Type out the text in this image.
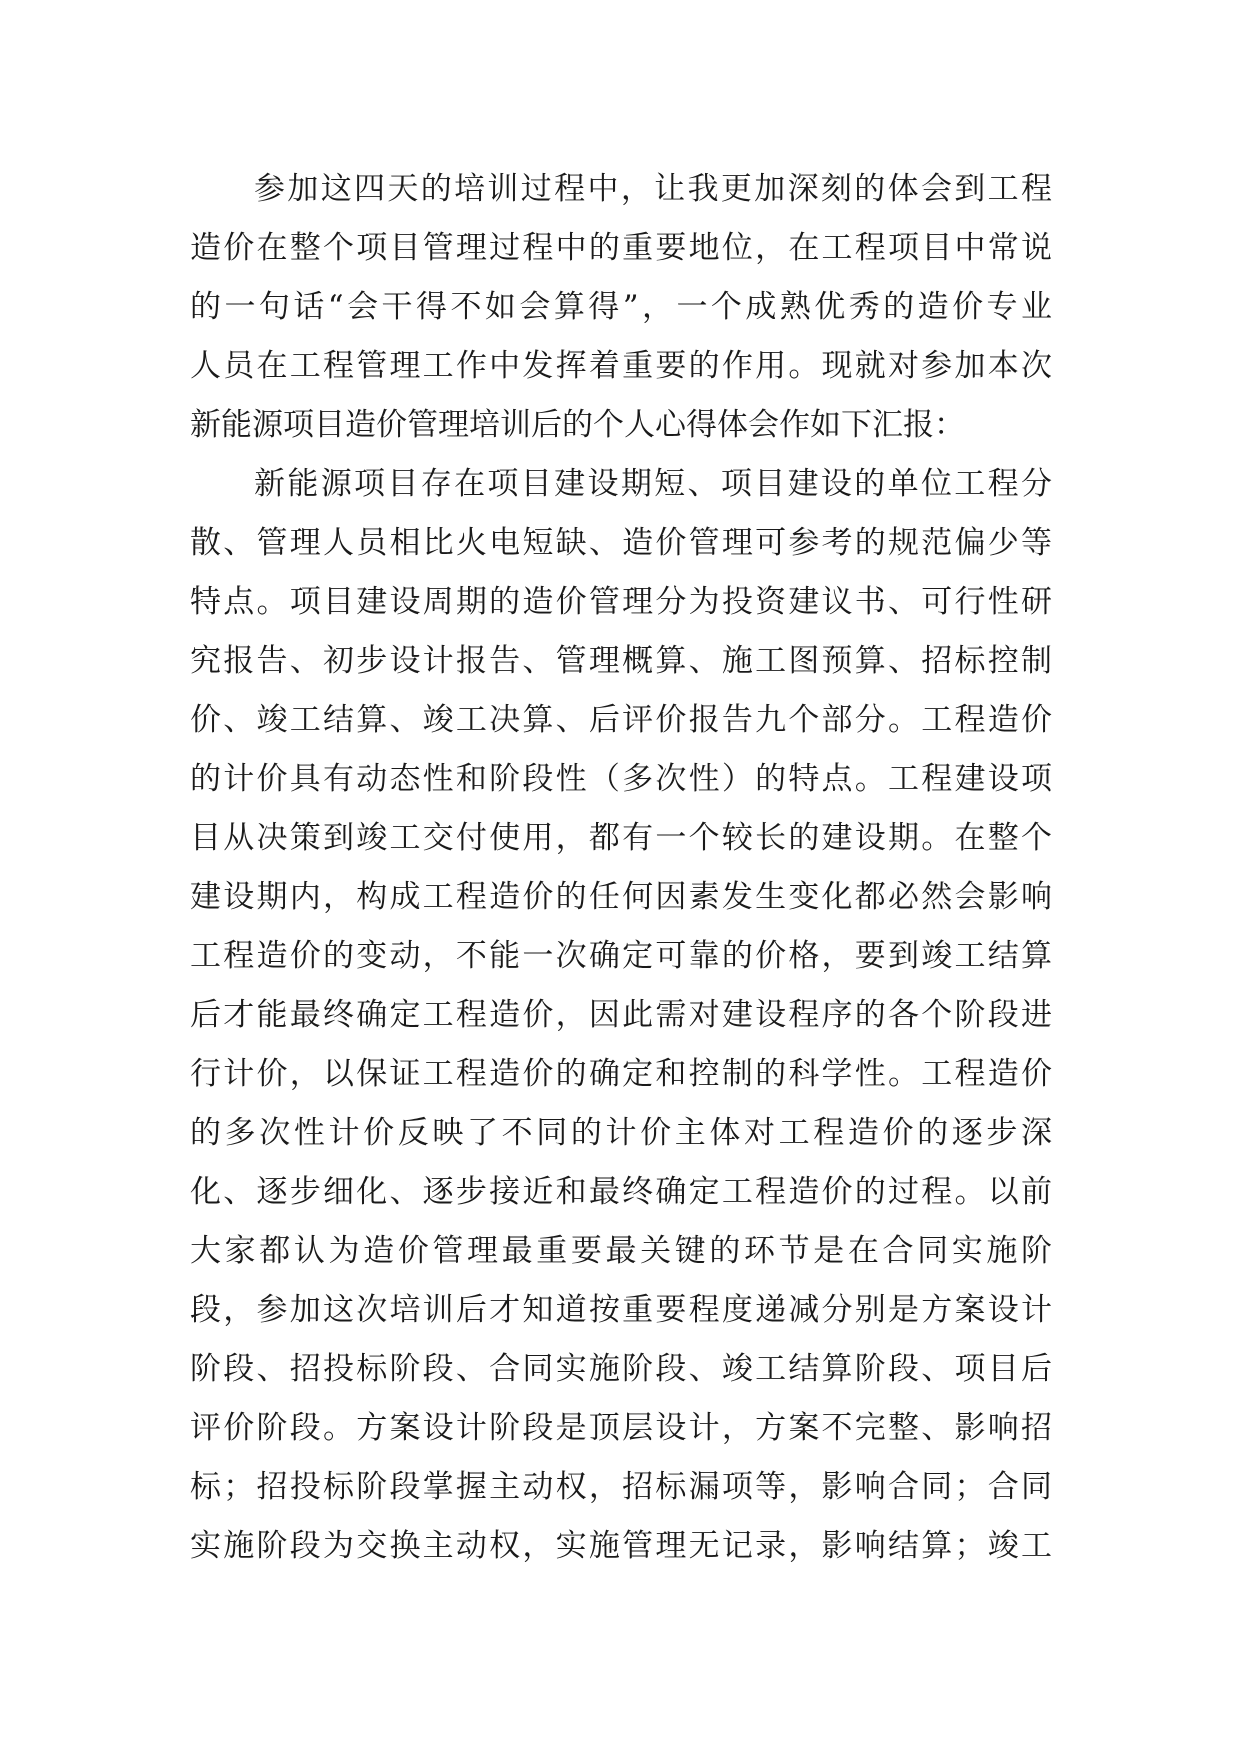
参加这四天的培训过程中，让我更加深刻的体会到工程
造价在整个项目管理过程中的重要地位，在工程项目中常说
的一句话“会干得不如会算得”，一个成熟优秀的造价专业
人员在工程管理工作中发挥着重要的作用。现就对参加本次
新能源项目造价管理培训后的个人心得体会作如下汇报：
新能源项目存在项目建设期短、项目建设的单位工程分
散、管理人员相比火电短缺、造价管理可参考的规范偏少等
特点。项目建设周期的造价管理分为投资建议书、可行性研
究报告、初步设计报告、管理概算、施工图预算、招标控制
价、竣工结算、竣工决算、后评价报告九个部分。工程造价
的计价具有动态性和阶段性（多次性）的特点。工程建设项
目从决策到竣工交付使用，都有一个较长的建设期。在整个
建设期内，构成工程造价的任何因素发生变化都必然会影响
工程造价的变动，不能一次确定可靠的价格，要到竣工结算
后才能最终确定工程造价，因此需对建设程序的各个阶段进
行计价，以保证工程造价的确定和控制的科学性。工程造价
的多次性计价反映了不同的计价主体对工程造价的逐步深
化、逐步细化、逐步接近和最终确定工程造价的过程。以前
大家都认为造价管理最重要最关键的环节是在合同实施阶
段，参加这次培训后才知道按重要程度递减分别是方案设计
阶段、招投标阶段、合同实施阶段、竣工结算阶段、项目后
评价阶段。方案设计阶段是顶层设计，方案不完整、影响招
标；招投标阶段掌握主动权，招标漏项等，影响合同；合同
实施阶段为交换主动权，实施管理无记录，影响结算；竣工
